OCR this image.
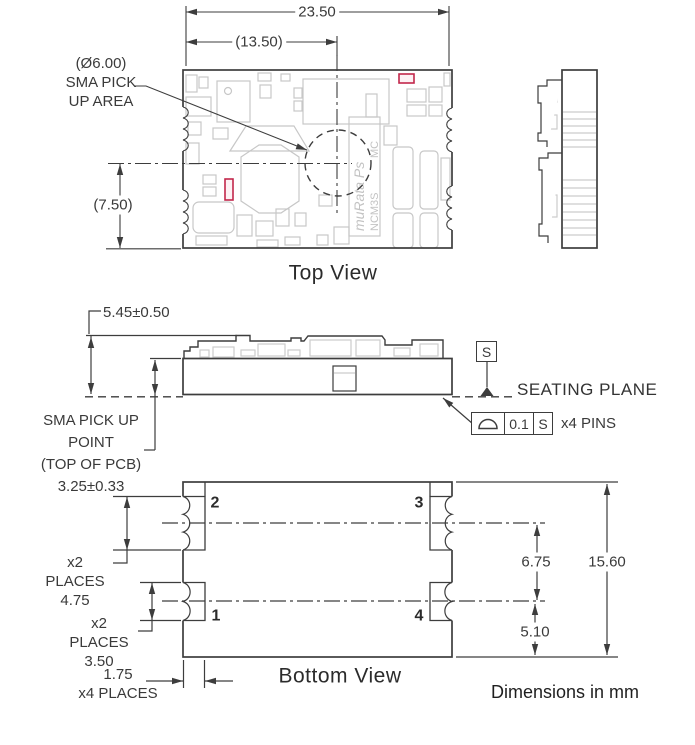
muRata Ps
MC
NCM3S
23.50
(13.50)
(Ø6.00)
SMA PICK
UP AREA
(7.50)
Top View
5.45±0.50
SMA PICK UP
POINT
(TOP OF PCB)
3.25±0.33
S
SEATING PLANE
0.1 S x4 PINS
2	3
1	4
x2 PLACES
4.75
x2 PLACES
3.50
1.75
x4 PLACES
6.75	15.60
5.10
Bottom View
Dimensions in mm
